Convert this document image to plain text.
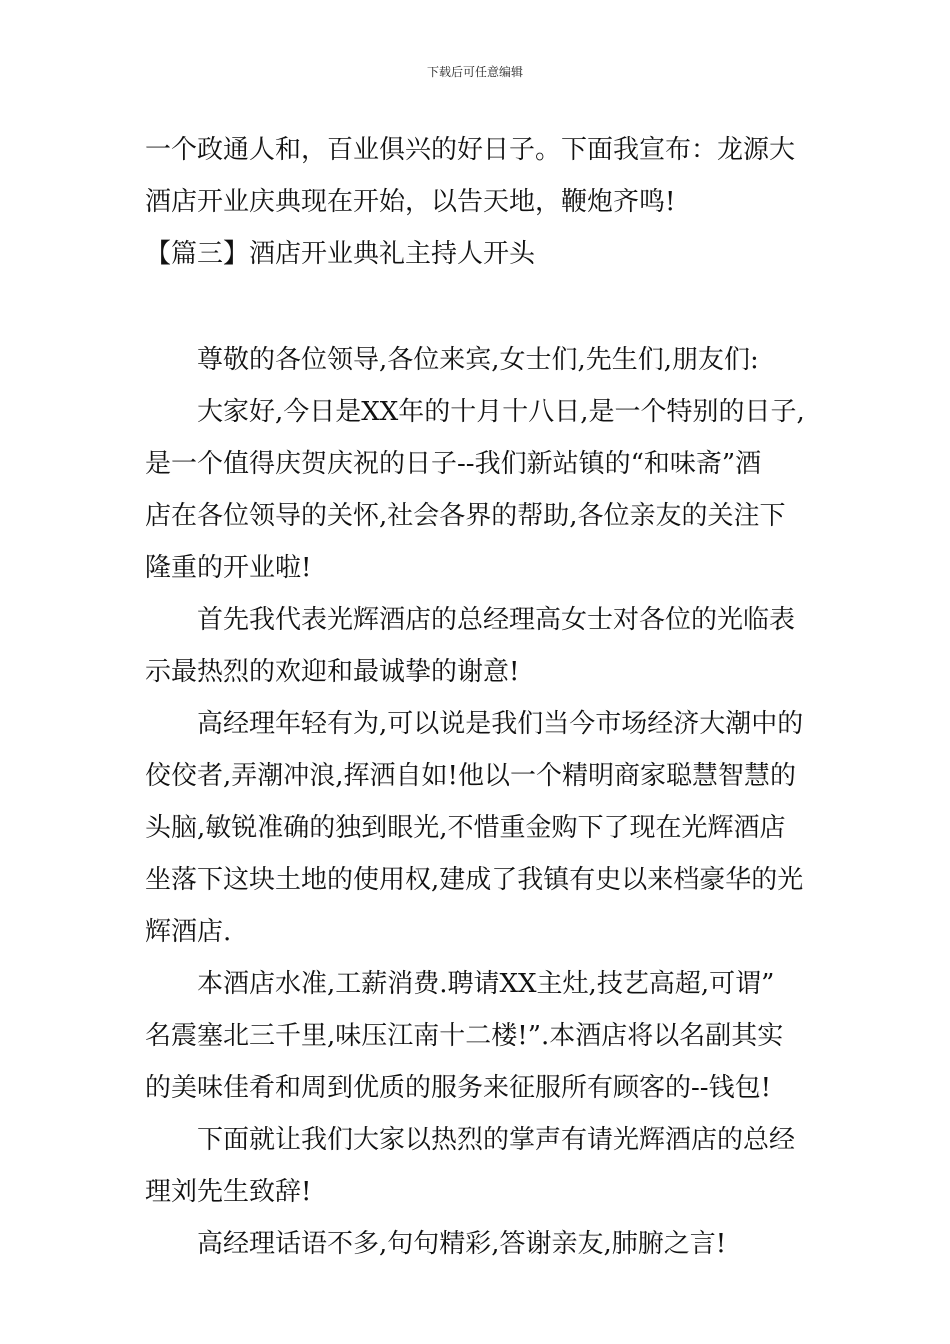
下载后可任意编辑
一个政通人和，百业俱兴的好日子。下面我宣布：龙源大
酒店开业庆典现在开始，以告天地，鞭炮齐鸣!
【篇三】酒店开业典礼主持人开头
尊敬的各位领导,各位来宾,女士们,先生们,朋友们:
大家好,今日是XX年的十月十八日,是一个特别的日子,
是一个值得庆贺庆祝的日子--我们新站镇的“和味斋”酒
店在各位领导的关怀,社会各界的帮助,各位亲友的关注下
隆重的开业啦!
首先我代表光辉酒店的总经理高女士对各位的光临表
示最热烈的欢迎和最诚挚的谢意!
高经理年轻有为,可以说是我们当今市场经济大潮中的
佼佼者,弄潮冲浪,挥洒自如!他以一个精明商家聪慧智慧的
头脑,敏锐准确的独到眼光,不惜重金购下了现在光辉酒店
坐落下这块土地的使用权,建成了我镇有史以来档豪华的光
辉酒店.
本酒店水准,工薪消费.聘请XX主灶,技艺高超,可谓”
名震塞北三千里,味压江南十二楼!”.本酒店将以名副其实
的美味佳肴和周到优质的服务来征服所有顾客的--钱包!
下面就让我们大家以热烈的掌声有请光辉酒店的总经
理刘先生致辞!
高经理话语不多,句句精彩,答谢亲友,肺腑之言!
